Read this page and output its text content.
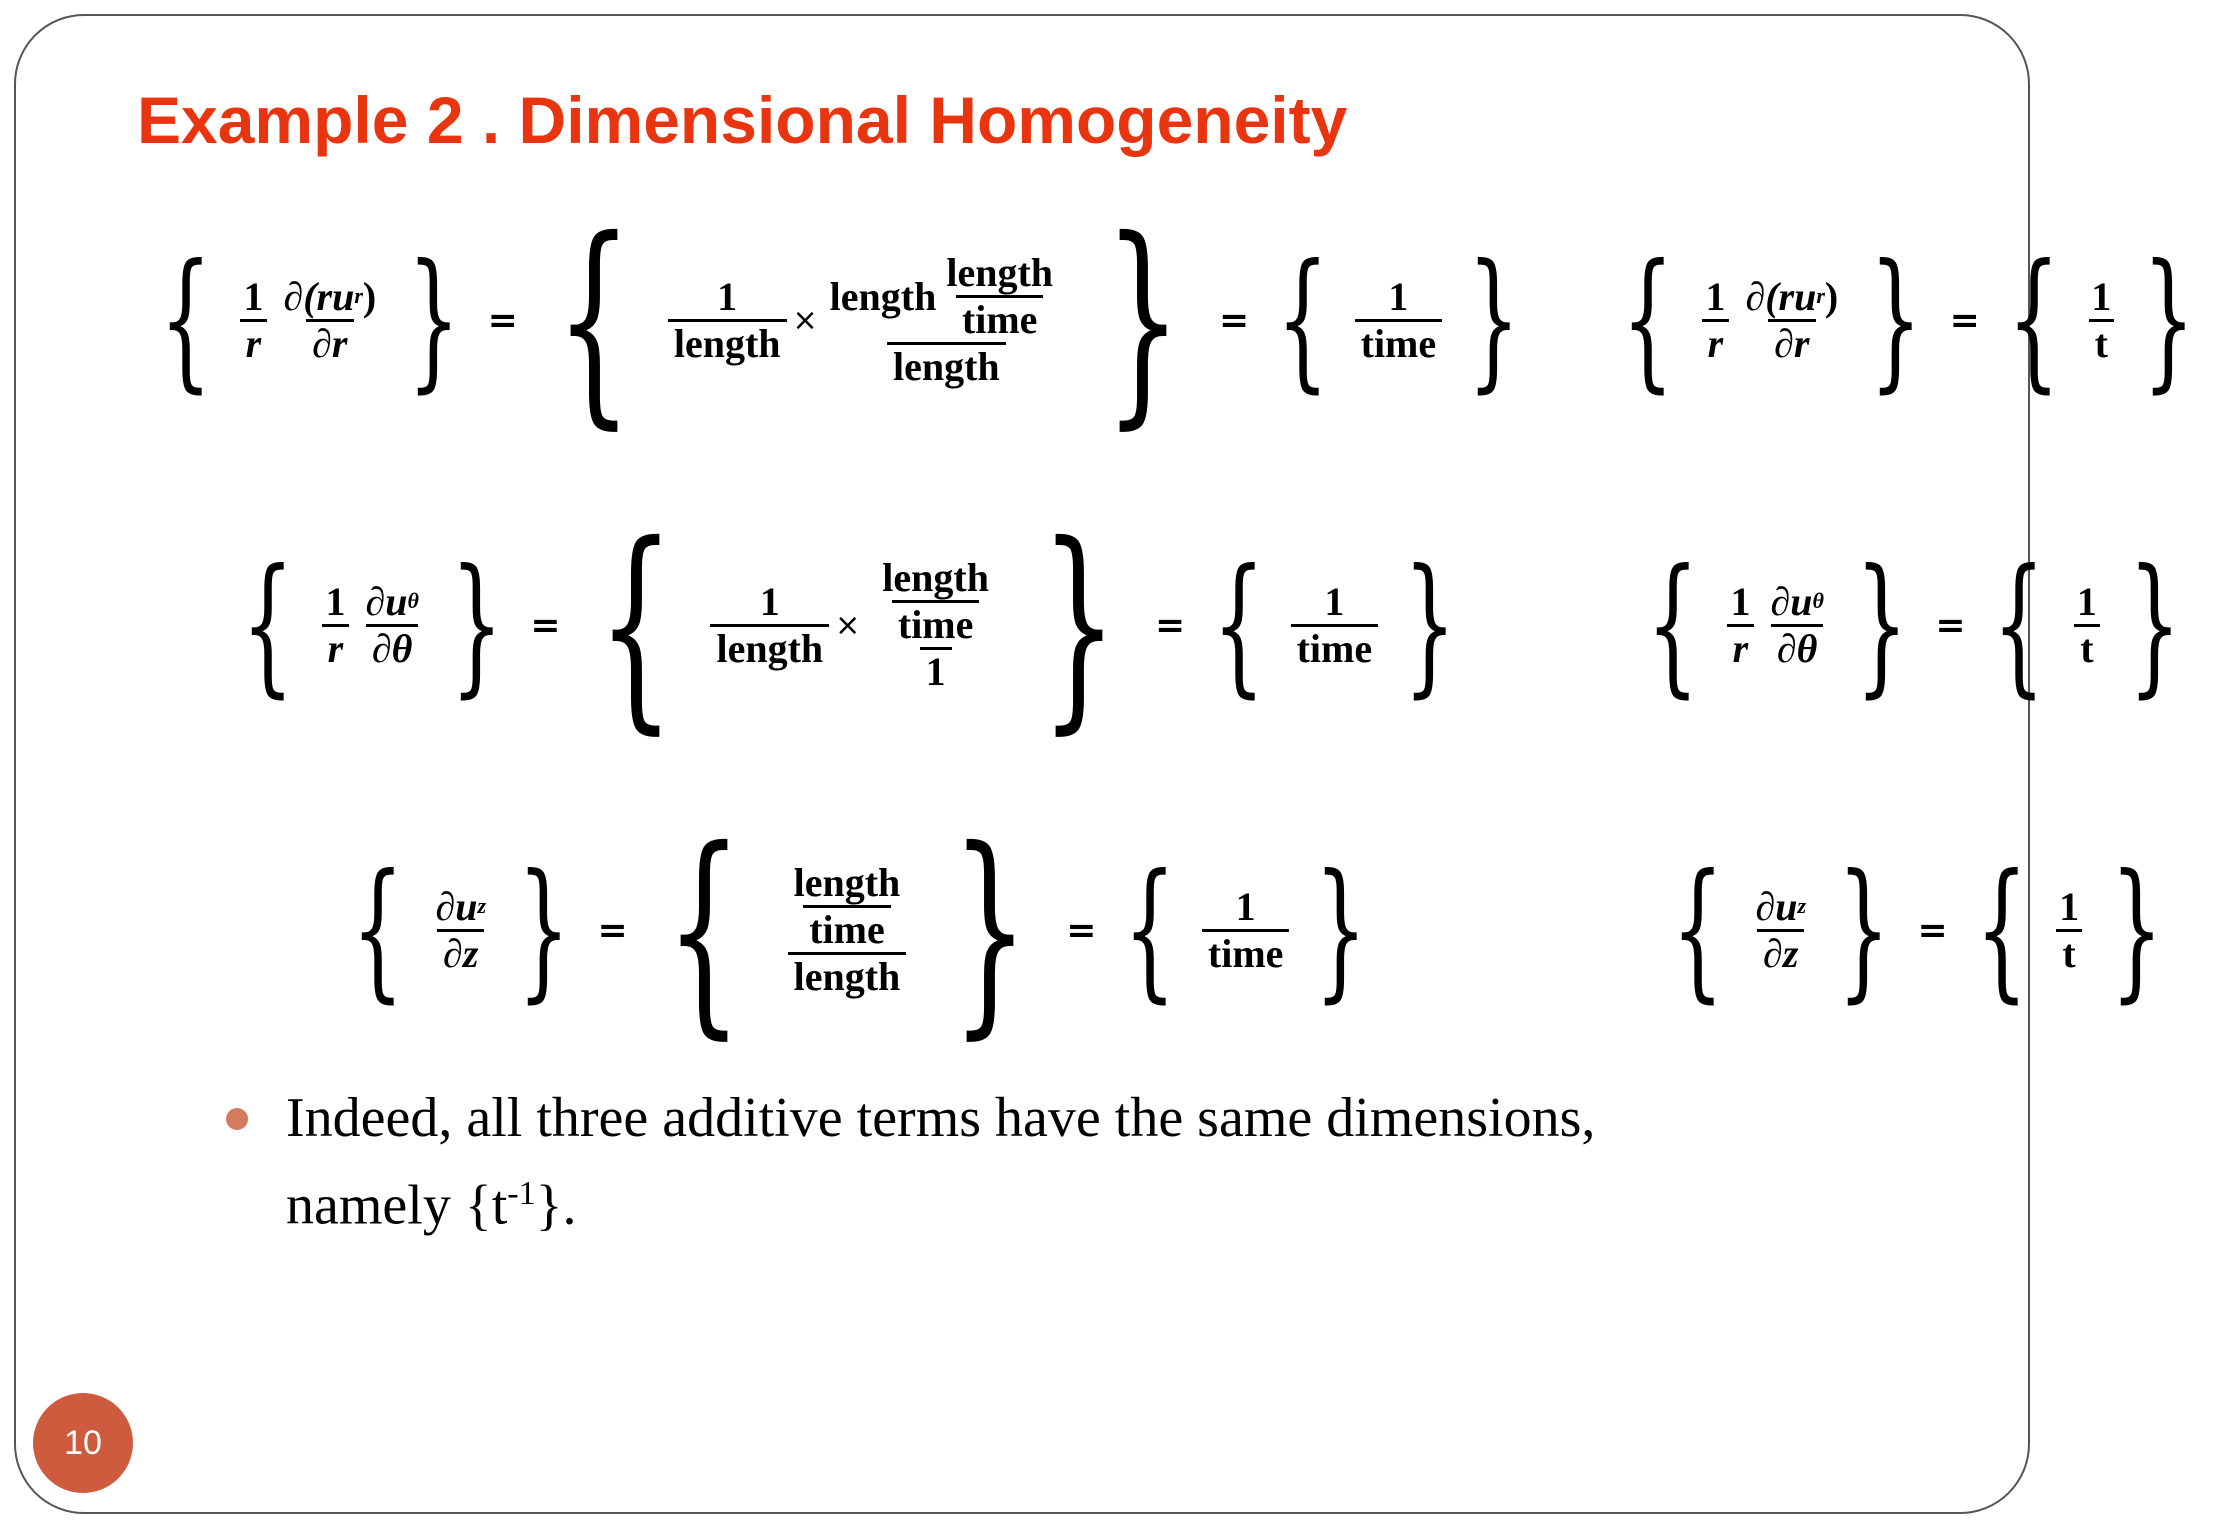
Example 2 . Dimensional Homogeneity
{ $\frac{1}{r} \frac{\text{∂(ru r )}}{\partial r}$ } = { $\frac{1}{\text{length}} \times \frac{length \frac{\text{length}}{\text{time}}}{\text{length}}$ } = { $\frac{1}{\text{time}}$ } { $\frac{1}{r} \frac{\text{∂(ru r )}}{\partial r}$ } = { $\frac{1}{t}$ }
{ $\frac{1}{r} \frac{\text{∂u θ}}{\partial\theta}$ } = { $\frac{1}{\text{length}} \times \frac{\frac{\text{length}}{\text{time}}}{1}$ } = { $\frac{1}{\text{time}}$ } { $\frac{1}{r} \frac{\text{∂u θ}}{\partial\theta}$ } = { $\frac{1}{t}$ }
{ $\frac{\text{∂u z}}{\partial z}$ } = { $\frac{\frac{\text{length}}{\text{time}}}{\text{length}}$ } = { $\frac{1}{\text{time}}$ } { $\frac{\text{∂u z}}{\partial z}$ } = { $\frac{1}{t}$ }
Indeed, all three additive terms have the same dimensions,
namely $\{t^{-1}\}$.
10
